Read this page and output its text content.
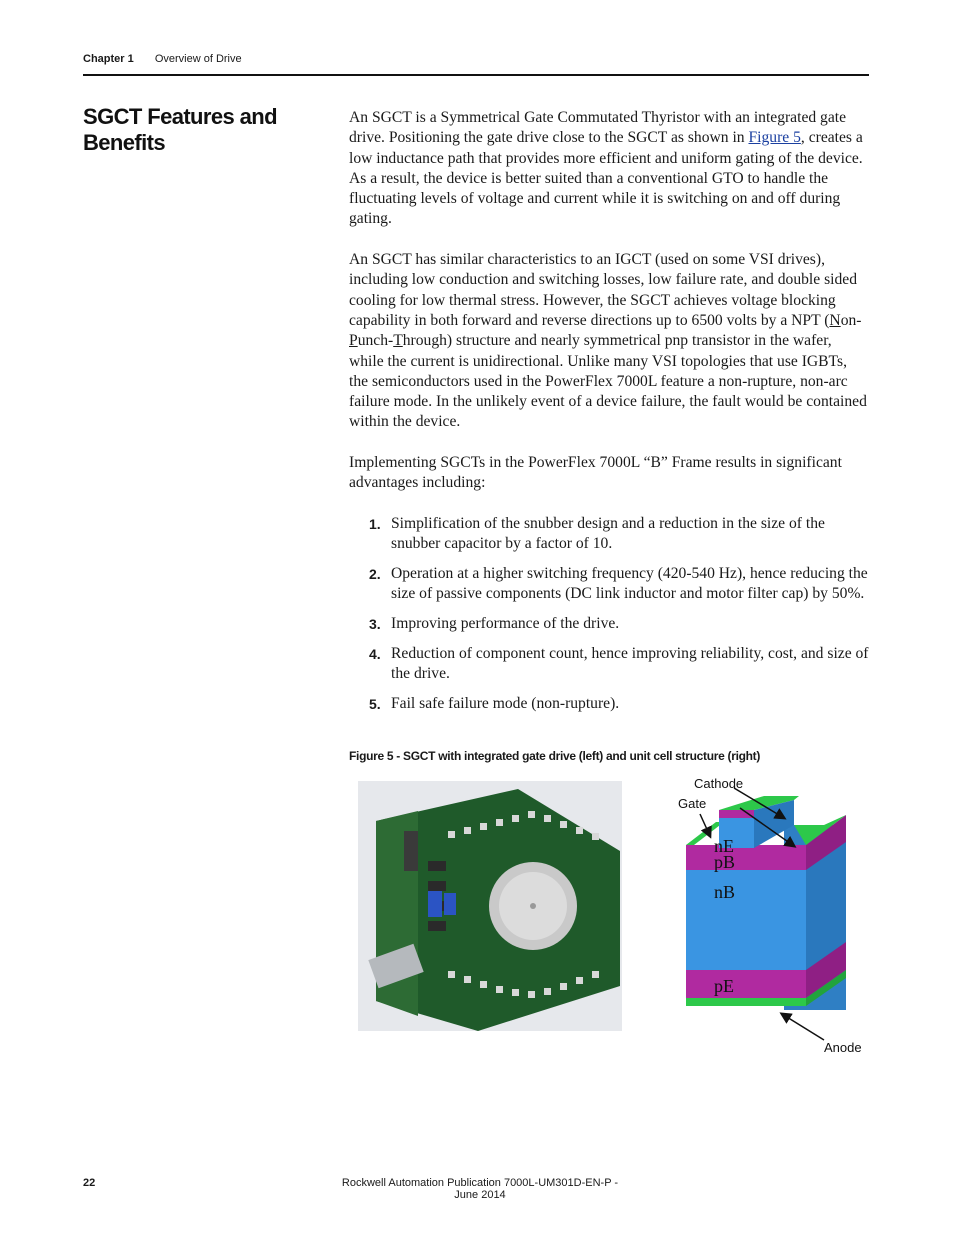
Chapter 1 Overview of Drive
SGCT Features and Benefits

An SGCT is a Symmetrical Gate Commutated Thyristor with an integrated gate drive. Positioning the gate drive close to the SGCT as shown in Figure 5, creates a low inductance path that provides more efficient and uniform gating of the device. As a result, the device is better suited than a conventional GTO to handle the fluctuating levels of voltage and current while it is switching on and off during gating.

An SGCT has similar characteristics to an IGCT (used on some VSI drives), including low conduction and switching losses, low failure rate, and double sided cooling for low thermal stress. However, the SGCT achieves voltage blocking capability in both forward and reverse directions up to 6500 volts by a NPT (Non-Punch-Through) structure and nearly symmetrical pnp transistor in the wafer, while the current is unidirectional. Unlike many VSI topologies that use IGBTs, the semiconductors used in the PowerFlex 7000L feature a non-rupture, non-arc failure mode. In the unlikely event of a device failure, the fault would be contained within the device.

Implementing SGCTs in the PowerFlex 7000L “B” Frame results in significant advantages including:

1. Simplification of the snubber design and a reduction in the size of the snubber capacitor by a factor of 10.
2. Operation at a higher switching frequency (420-540 Hz), hence reducing the size of passive components (DC link inductor and motor filter cap) by 50%.
3. Improving performance of the drive.
4. Reduction of component count, hence improving reliability, cost, and size of the drive.
5. Fail safe failure mode (non-rupture).
Figure 5 - SGCT with integrated gate drive (left) and unit cell structure (right)
nE
pB
nB
pE
Cathode
Gate
Anode
22	Rockwell Automation Publication 7000L-UM301D-EN-P - June 2014
